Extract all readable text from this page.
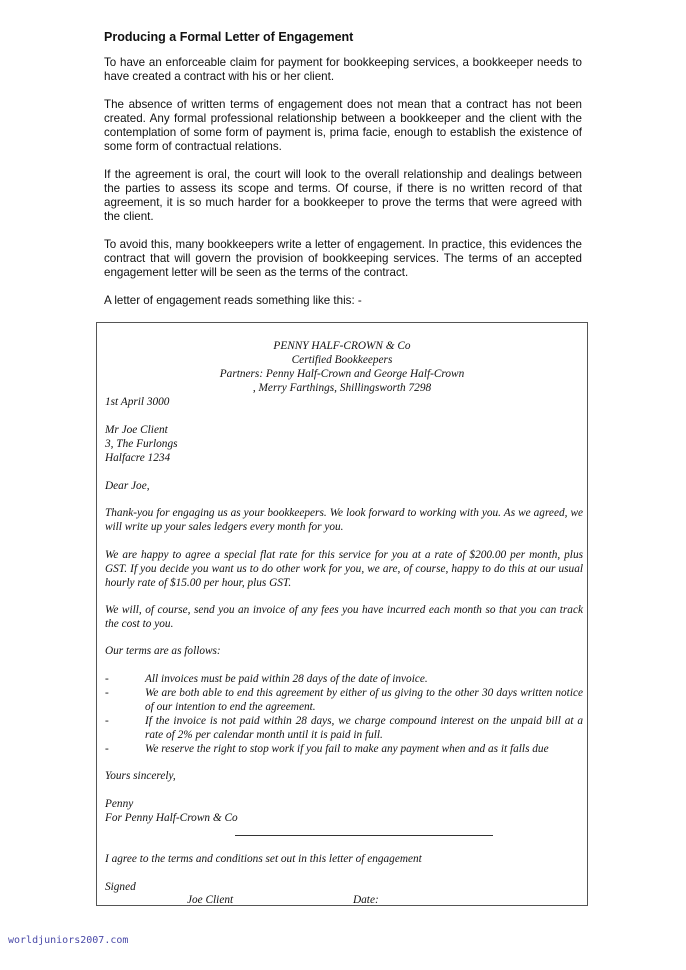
Producing a Formal Letter of Engagement

To have an enforceable claim for payment for bookkeeping services, a bookkeeper needs to have created a contract with his or her client.

The absence of written terms of engagement does not mean that a contract has not been created. Any formal professional relationship between a bookkeeper and the client with the contemplation of some form of payment is, prima facie, enough to establish the existence of some form of contractual relations.

If the agreement is oral, the court will look to the overall relationship and dealings between the parties to assess its scope and terms. Of course, if there is no written record of that agreement, it is so much harder for a bookkeeper to prove the terms that were agreed with the client.

To avoid this, many bookkeepers write a letter of engagement. In practice, this evidences the contract that will govern the provision of bookkeeping services. The terms of an accepted engagement letter will be seen as the terms of the contract.

A letter of engagement reads something like this: -

PENNY HALF-CROWN & Co
Certified Bookkeepers
Partners: Penny Half-Crown and George Half-Crown
, Merry Farthings, Shillingsworth 7298
1st April 3000
Mr Joe Client
3, The Furlongs
Halfacre 1234
Dear Joe,
Thank-you for engaging us as your bookkeepers. We look forward to working with you. As we agreed, we will write up your sales ledgers every month for you.
We are happy to agree a special flat rate for this service for you at a rate of $200.00 per month, plus GST. If you decide you want us to do other work for you, we are, of course, happy to do this at our usual hourly rate of $15.00 per hour, plus GST.
We will, of course, send you an invoice of any fees you have incurred each month so that you can track the cost to you.
Our terms are as follows:
-	All invoices must be paid within 28 days of the date of invoice.
-	We are both able to end this agreement by either of us giving to the other 30 days written notice of our intention to end the agreement.
-	If the invoice is not paid within 28 days, we charge compound interest on the unpaid bill at a rate of 2% per calendar month until it is paid in full.
-	We reserve the right to stop work if you fail to make any payment when and as it falls due
Yours sincerely,
Penny
For Penny Half-Crown & Co
I agree to the terms and conditions set out in this letter of engagement
Signed
Joe Client	Date:
worldjuniors2007.com
